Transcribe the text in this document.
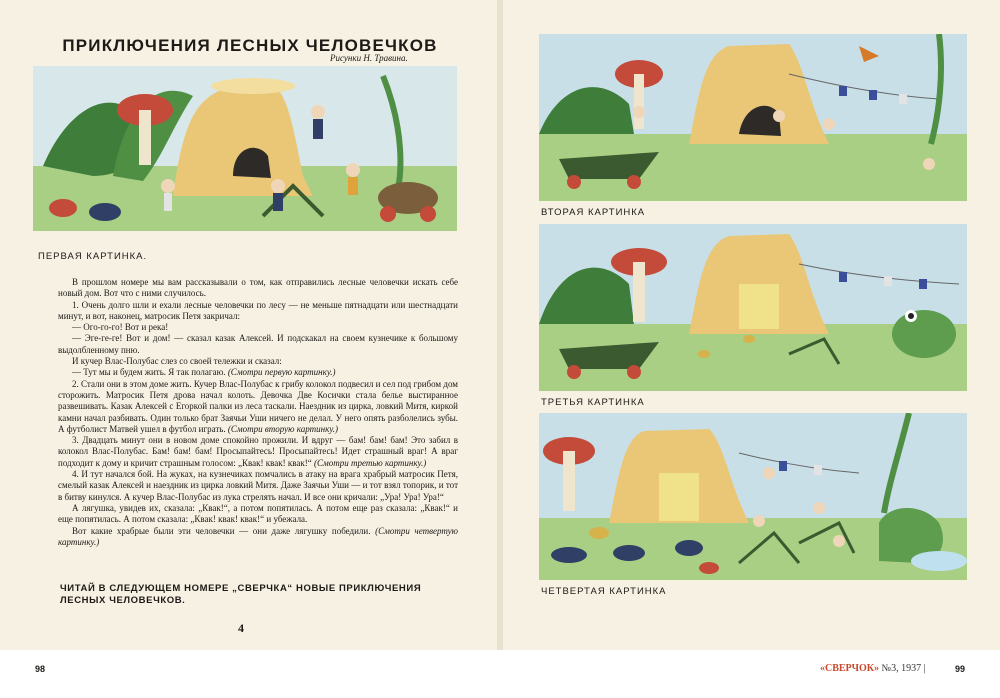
ПРИКЛЮЧЕНИЯ ЛЕСНЫХ ЧЕЛОВЕЧКОВ
Рисунки Н. Травина.
ПЕРВАЯ КАРТИНКА.

В прошлом номере мы вам рассказывали о том, как отправились лесные человечки искать себе новый дом. Вот что с ними случилось.

1. Очень долго шли и ехали лесные человечки по лесу — не меньше пятнадцати или шестнадцати минут, и вот, наконец, матросик Петя закричал:

— Ого-го-го! Вот и река!

— Эге-ге-ге! Вот и дом! — сказал казак Алексей. И подскакал на своем кузнечике к большому выдолбленному пню.

И кучер Влас-Полубас слез со своей тележки и сказал:

— Тут мы и будем жить. Я так полагаю. (Смотри первую картинку.)

2. Стали они в этом доме жить. Кучер Влас-Полубас к грибу колокол подвесил и сел под грибом дом сторожить. Матросик Петя дрова начал колоть. Девочка Две Косички стала белье выстиранное развешивать. Казак Алексей с Егоркой палки из леса таскали. Наездник из цирка, ловкий Митя, киркой камни начал разбивать. Один только брат Заячьи Уши ничего не делал. У него опять разболелись зубы. А футболист Матвей ушел в футбол играть. (Смотри вторую картинку.)

3. Двадцать минут они в новом доме спокойно прожили. И вдруг — бам! бам! бам! Это забил в колокол Влас-Полубас. Бам! бам! бам! Просыпайтесь! Просыпайтесь! Идет страшный враг! А враг подходит к дому и кричит страшным голосом: „Квак! квак! квак!“ (Смотри третью картинку.)

4. И тут начался бой. На жуках, на кузнечиках помчались в атаку на врага храбрый матросик Петя, смелый казак Алексей и наездник из цирка ловкий Митя. Даже Заячьи Уши — и тот взял топорик, и тот в битву кинулся. А кучер Влас-Полубас из лука стрелять начал. И все они кричали: „Ура! Ура! Ура!“

А лягушка, увидев их, сказала: „Квак!“, а потом попятилась. А потом еще раз сказала: „Квак!“ и еще попятилась. А потом сказала: „Квак! квак! квак!“ и убежала.

Вот какие храбрые были эти человечки — они даже лягушку победили. (Смотри четвертую картинку.)

ЧИТАЙ В СЛЕДУЮЩЕМ НОМЕРЕ „СВЕРЧКА“ НОВЫЕ ПРИКЛЮЧЕНИЯ ЛЕСНЫХ ЧЕЛОВЕЧКОВ.
4
ВТОРАЯ КАРТИНКА
ТРЕТЬЯ КАРТИНКА
ЧЕТВЕРТАЯ КАРТИНКА
98	«СВЕРЧОК» №3, 1937 |	99
